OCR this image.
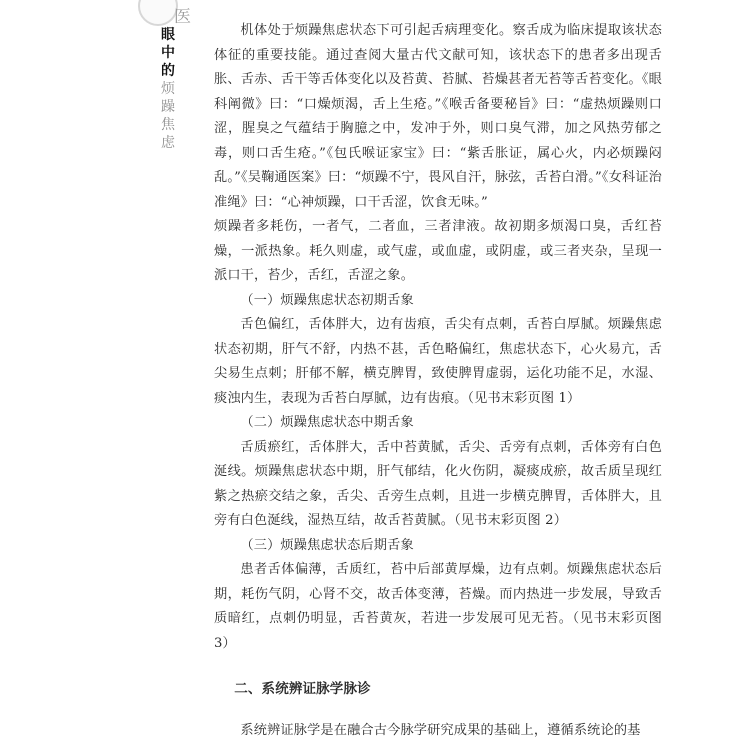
医
眼
中
的
烦
躁
焦
虑

机体处于烦躁焦虑状态下可引起舌病理变化。察舌成为临床提取该状态体征的重要技能。通过查阅大量古代文献可知，该状态下的患者多出现舌胀、舌赤、舌干等舌体变化以及苔黄、苔腻、苔燥甚者无苔等舌苔变化。《眼科阐微》曰：“口燥烦渴，舌上生疮。”《喉舌备要秘旨》曰：“虚热烦躁则口涩，腥臭之气蕴结于胸臆之中，发冲于外，则口臭气滞，加之风热劳郁之毒，则口舌生疮。”《包氏喉证家宝》曰：“紫舌胀证，属心火，内必烦躁闷乱。”《吴鞠通医案》曰：“烦躁不宁，畏风自汗，脉弦，舌苔白滑。”《女科证治准绳》曰：“心神烦躁，口干舌涩，饮食无味。”

烦躁者多耗伤，一者气，二者血，三者津液。故初期多烦渴口臭，舌红苔燥，一派热象。耗久则虚，或气虚，或血虚，或阴虚，或三者夹杂，呈现一派口干，苔少，舌红，舌涩之象。

（一）烦躁焦虑状态初期舌象

舌色偏红，舌体胖大，边有齿痕，舌尖有点刺，舌苔白厚腻。烦躁焦虑状态初期，肝气不舒，内热不甚，舌色略偏红，焦虑状态下，心火易亢，舌尖易生点刺；肝郁不解，横克脾胃，致使脾胃虚弱，运化功能不足，水湿、痰浊内生，表现为舌苔白厚腻，边有齿痕。（见书末彩页图 1）

（二）烦躁焦虑状态中期舌象

舌质瘀红，舌体胖大，舌中苔黄腻，舌尖、舌旁有点刺，舌体旁有白色涎线。烦躁焦虑状态中期，肝气郁结，化火伤阴，凝痰成瘀，故舌质呈现红紫之热瘀交结之象，舌尖、舌旁生点刺，且进一步横克脾胃，舌体胖大，且旁有白色涎线，湿热互结，故舌苔黄腻。（见书末彩页图 2）

（三）烦躁焦虑状态后期舌象

患者舌体偏薄，舌质红，苔中后部黄厚燥，边有点刺。烦躁焦虑状态后期，耗伤气阴，心肾不交，故舌体变薄，苔燥。而内热进一步发展，导致舌质暗红，点刺仍明显，舌苔黄灰，若进一步发展可见无苔。（见书末彩页图 3）

二、系统辨证脉学脉诊

系统辨证脉学是在融合古今脉学研究成果的基础上，遵循系统论的基
